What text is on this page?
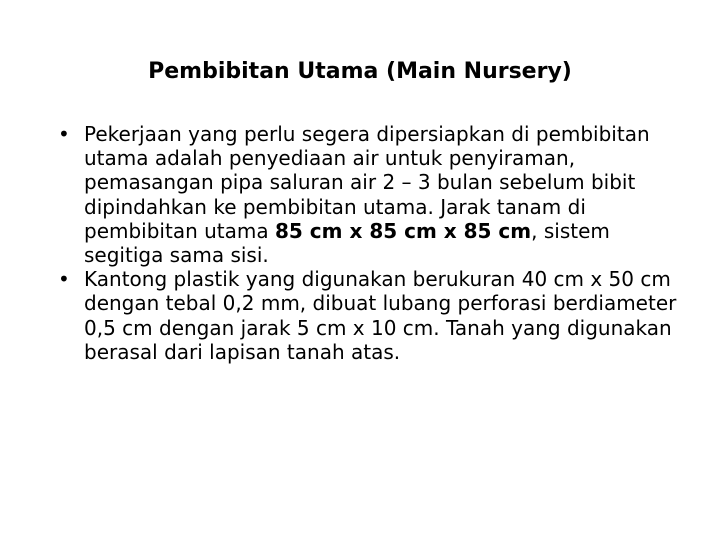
Pembibitan Utama (Main Nursery)
• Pekerjaan yang perlu segera dipersiapkan di pembibitan utama adalah penyediaan air untuk penyiraman, pemasangan pipa saluran air 2 – 3 bulan sebelum bibit dipindahkan ke pembibitan utama. Jarak tanam di pembibitan utama 85 cm x 85 cm x 85 cm, sistem segitiga sama sisi.
• Kantong plastik yang digunakan berukuran 40 cm x 50 cm dengan tebal 0,2 mm, dibuat lubang perforasi berdiameter 0,5 cm dengan jarak 5 cm x 10 cm. Tanah yang digunakan berasal dari lapisan tanah atas.
